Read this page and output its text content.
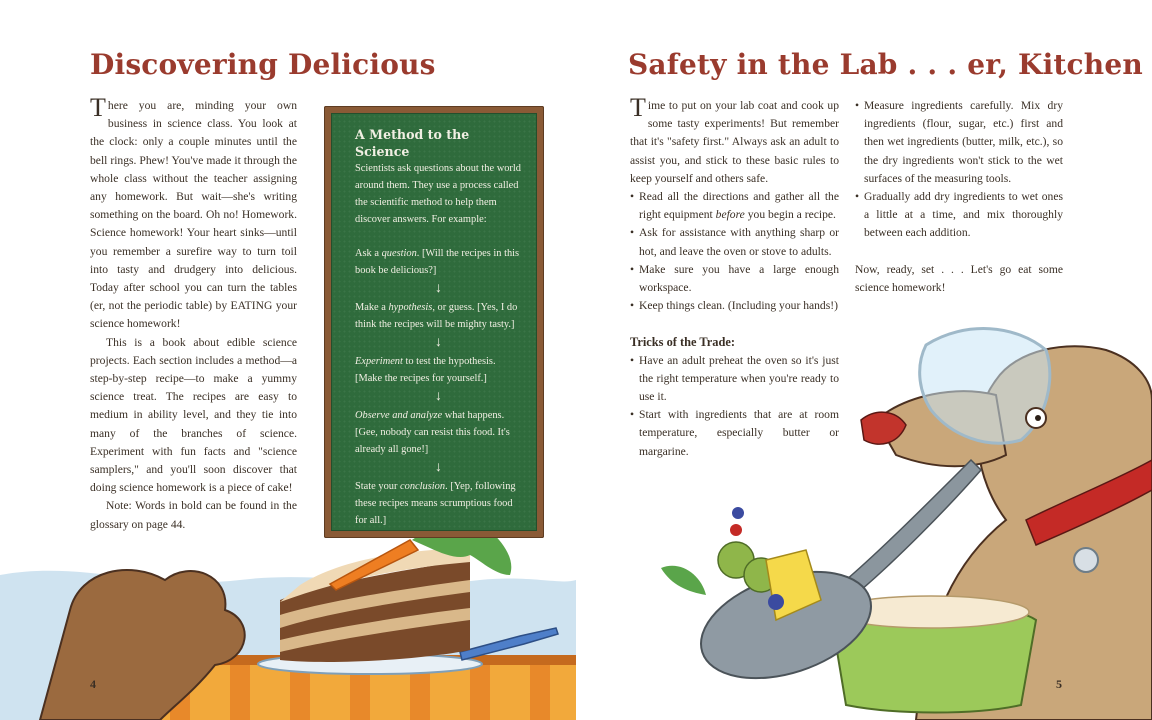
Discovering Delicious

There you are, minding your own business in science class. You look at the clock: only a couple minutes until the bell rings. Phew! You've made it through the whole class without the teacher assigning any homework. But wait—she's writing something on the board. Oh no! Homework. Science homework! Your heart sinks—until you remember a surefire way to turn toil into tasty and drudgery into delicious. Today after school you can turn the tables (er, not the periodic table) by EATING your science homework!

This is a book about edible science projects. Each section includes a method—a step-by-step recipe—to make a yummy science treat. The recipes are easy to medium in ability level, and they tie into many of the branches of science. Experiment with fun facts and "science samplers," and you'll soon discover that doing science homework is a piece of cake!

Note: Words in bold can be found in the glossary on page 44.

A Method to the Science

Scientists ask questions about the world around them. They use a process called the scientific method to help them discover answers. For example:

Ask a question. [Will the recipes in this book be delicious?]

↓

Make a hypothesis, or guess. [Yes, I do think the recipes will be mighty tasty.]

↓

Experiment to test the hypothesis. [Make the recipes for yourself.]

↓

Observe and analyze what happens. [Gee, nobody can resist this food. It's already all gone!]

↓

State your conclusion. [Yep, following these recipes means scrumptious food for all.]

4
Safety in the Lab . . . er, Kitchen

Time to put on your lab coat and cook up some tasty experiments! But remember that it's "safety first." Always ask an adult to assist you, and stick to these basic rules to keep yourself and others safe.

• Read all the directions and gather all the right equipment before you begin a recipe.
• Ask for assistance with anything sharp or hot, and leave the oven or stove to adults.
• Make sure you have a large enough workspace.
• Keep things clean. (Including your hands!)

Tricks of the Trade:

• Have an adult preheat the oven so it's just the right temperature when you're ready to use it.
• Start with ingredients that are at room temperature, especially butter or margarine.
• Measure ingredients carefully. Mix dry ingredients (flour, sugar, etc.) first and then wet ingredients (butter, milk, etc.), so the dry ingredients won't stick to the wet surfaces of the measuring tools.
• Gradually add dry ingredients to wet ones a little at a time, and mix thoroughly between each addition.

Now, ready, set . . . Let's go eat some science homework!

5
